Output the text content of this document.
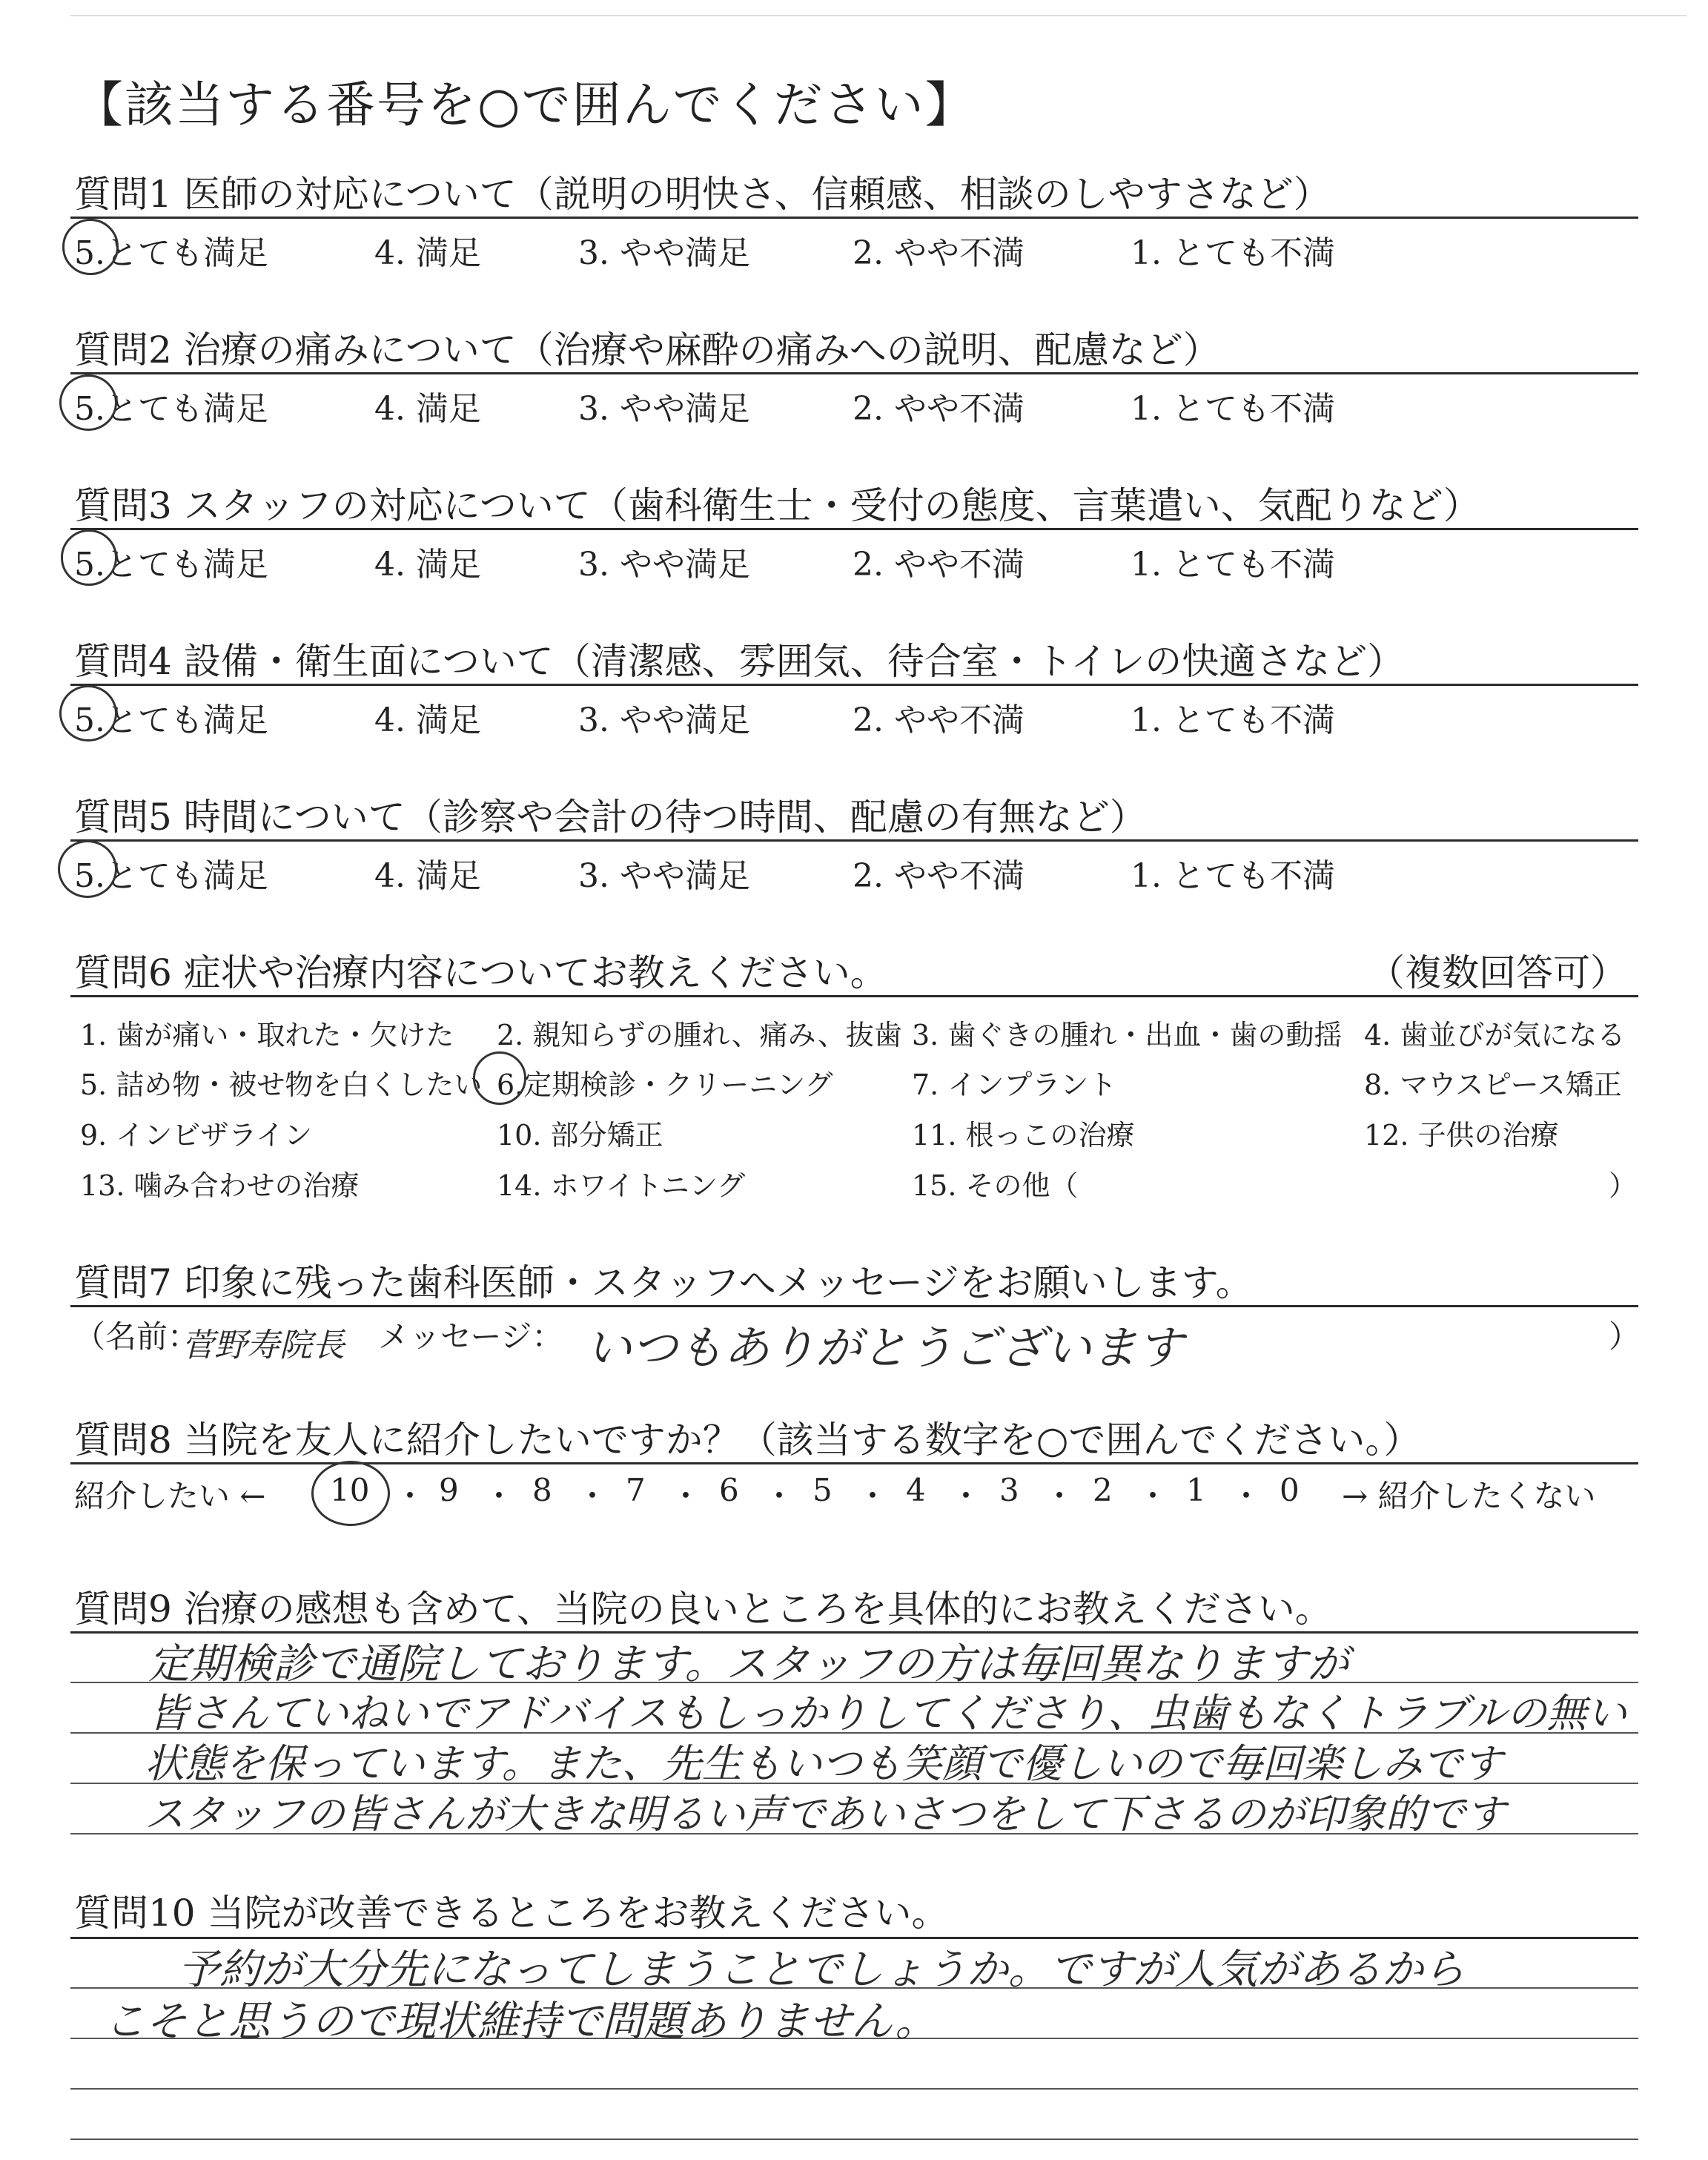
【該当する番号を○で囲んでください】
質問1 医師の対応について（説明の明快さ、信頼感、相談のしやすさなど）
5.とても満足	4. 満足	3. やや満足	2. やや不満	1. とても不満
質問2 治療の痛みについて（治療や麻酔の痛みへの説明、配慮など）
5.とても満足	4. 満足	3. やや満足	2. やや不満	1. とても不満
質問3 スタッフの対応について（歯科衛生士・受付の態度、言葉遣い、気配りなど）
5.とても満足	4. 満足	3. やや満足	2. やや不満	1. とても不満
質問4 設備・衛生面について（清潔感、雰囲気、待合室・トイレの快適さなど）
5.とても満足	4. 満足	3. やや満足	2. やや不満	1. とても不満
質問5 時間について（診察や会計の待つ時間、配慮の有無など）
5.とても満足	4. 満足	3. やや満足	2. やや不満	1. とても不満
質問6 症状や治療内容についてお教えください。	（複数回答可）
1. 歯が痛い・取れた・欠けた 2. 親知らずの腫れ、痛み、抜歯 3. 歯ぐきの腫れ・出血・歯の動揺 4. 歯並びが気になる
5. 詰め物・被せ物を白くしたい 6.定期検診・クリーニング	7. インプラント	8. マウスピース矯正
9. インビザライン	10. 部分矯正	11. 根っこの治療	12. 子供の治療
13. 噛み合わせの治療	14. ホワイトニング	15. その他（	）
質問7 印象に残った歯科医師・スタッフへメッセージをお願いします。
（名前：
菅野寿院長 メッセージ： いつもありがとうございます	）
質問8 当院を友人に紹介したいですか？（該当する数字を○で囲んでください。）
紹介したい ←	→ 紹介したくない
10 ・ 9 ・ 8 ・ 7 ・ 6 ・ 5 ・ 4 ・ 3 ・ 2 ・ 1 ・ 0
質問9 治療の感想も含めて、当院の良いところを具体的にお教えください。
定期検診で通院しております。スタッフの方は毎回異なりますが
皆さんていねいでアドバイスもしっかりしてくださり、虫歯もなくトラブルの無い
状態を保っています。また、先生もいつも笑顔で優しいので毎回楽しみです
スタッフの皆さんが大きな明るい声であいさつをして下さるのが印象的です
質問10 当院が改善できるところをお教えください。
予約が大分先になってしまうことでしょうか。ですが人気があるから
こそと思うので現状維持で問題ありません。
